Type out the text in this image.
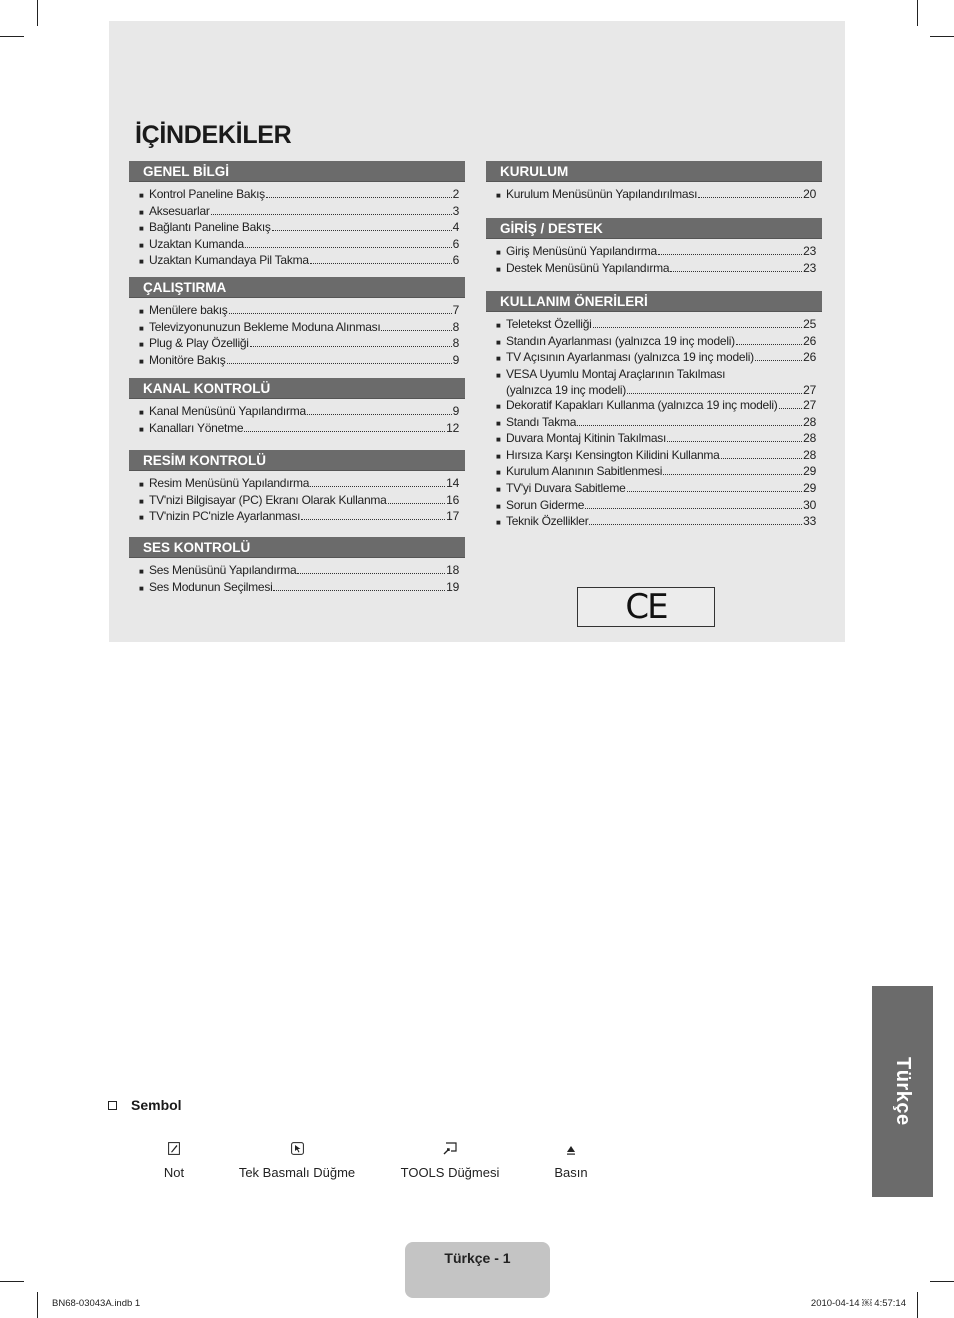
İÇİNDEKİLER
GENEL BİLGİ
■ Kontrol Paneline Bakış	2
■ Aksesuarlar	3
■ Bağlantı Paneline Bakış	4
■ Uzaktan Kumanda	6
■ Uzaktan Kumandaya Pil Takma	6
ÇALIŞTIRMA
■ Menülere bakış	7
■ Televizyonunuzun Bekleme Moduna Alınması	8
■ Plug & Play Özelliği	8
■ Monitöre Bakış	9
KANAL KONTROLÜ
■ Kanal Menüsünü Yapılandırma	9
■ Kanalları Yönetme	12
RESİM KONTROLÜ
■ Resim Menüsünü Yapılandırma	14
■ TV'nizi Bilgisayar (PC) Ekranı Olarak Kullanma	16
■ TV'nizin PC'nizle Ayarlanması	17
SES KONTROLÜ
■ Ses Menüsünü Yapılandırma	18
■ Ses Modunun Seçilmesi	19
KURULUM
■ Kurulum Menüsünün Yapılandırılması	20
GİRİŞ / DESTEK
■ Giriş Menüsünü Yapılandırma	23
■ Destek Menüsünü Yapılandırma	23
KULLANIM ÖNERİLERİ
■ Teletekst Özelliği	25
■ Standın Ayarlanması (yalnızca 19 inç modeli)	26
■ TV Açısının Ayarlanması (yalnızca 19 inç modeli)	26
■ VESA Uyumlu Montaj Araçlarının Takılması
(yalnızca 19 inç modeli)	27
■ Dekoratif Kapakları Kullanma (yalnızca 19 inç modeli) 27
■ Standı Takma	28
■ Duvara Montaj Kitinin Takılması	28
■ Hırsıza Karşı Kensington Kilidini Kullanma	28
■ Kurulum Alanının Sabitlenmesi	29
■ TV'yi Duvara Sabitleme	29
■ Sorun Giderme	30
■ Teknik Özellikler	33
CE
Türkçe
Sembol
Not	Tek Basmalı Düğme	TOOLS Düğmesi	Basın
Türkçe - 1
BN68-03043A.indb 1	2010-04-14 ￼ 4:57:14
